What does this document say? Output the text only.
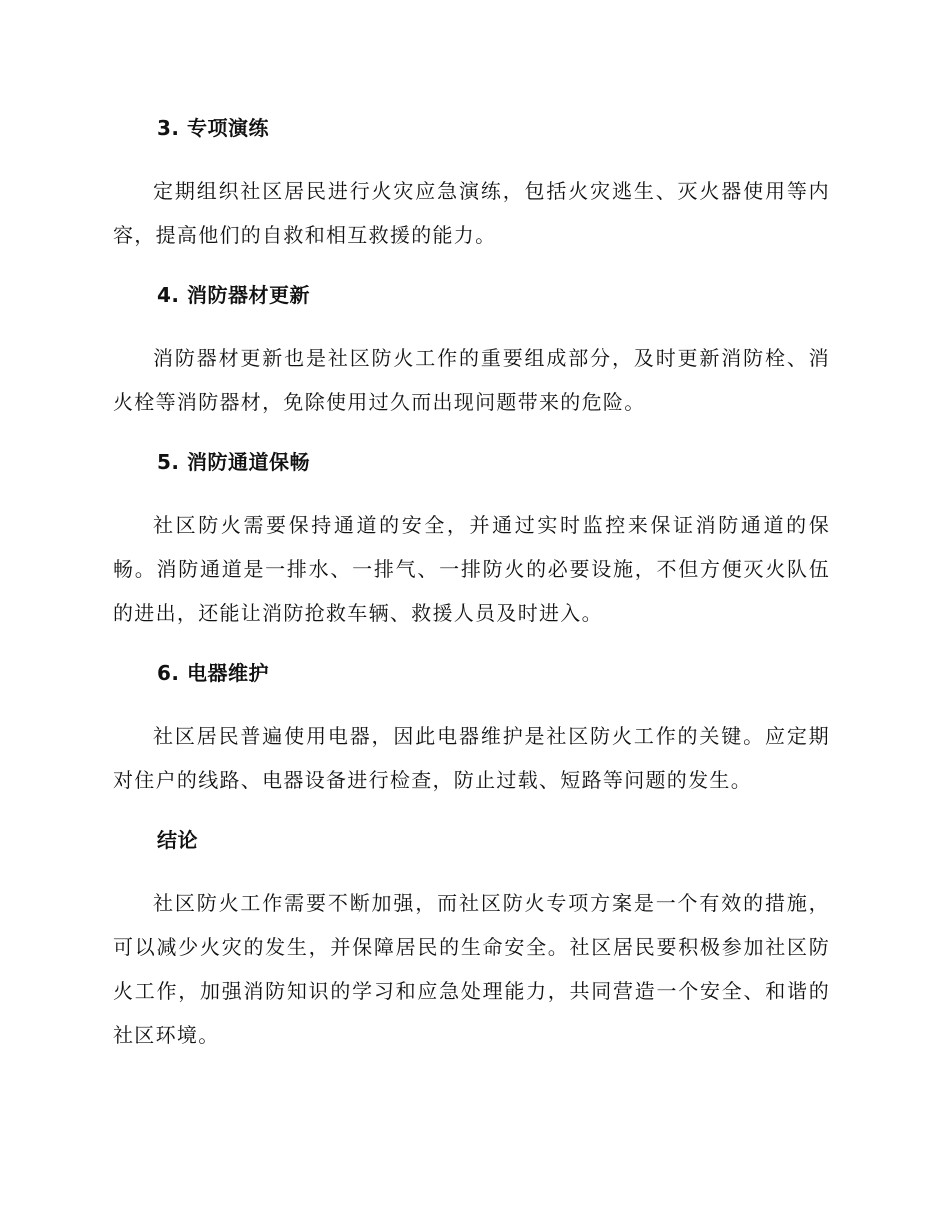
3. 专项演练

定期组织社区居民进行火灾应急演练，包括火灾逃生、灭火器使用等内容，提高他们的自救和相互救援的能力。

4. 消防器材更新

消防器材更新也是社区防火工作的重要组成部分，及时更新消防栓、消火栓等消防器材，免除使用过久而出现问题带来的危险。

5. 消防通道保畅

社区防火需要保持通道的安全，并通过实时监控来保证消防通道的保畅。消防通道是一排水、一排气、一排防火的必要设施，不但方便灭火队伍的进出，还能让消防抢救车辆、救援人员及时进入。

6. 电器维护

社区居民普遍使用电器，因此电器维护是社区防火工作的关键。应定期对住户的线路、电器设备进行检查，防止过载、短路等问题的发生。

结论

社区防火工作需要不断加强，而社区防火专项方案是一个有效的措施，可以减少火灾的发生，并保障居民的生命安全。社区居民要积极参加社区防火工作，加强消防知识的学习和应急处理能力，共同营造一个安全、和谐的社区环境。
